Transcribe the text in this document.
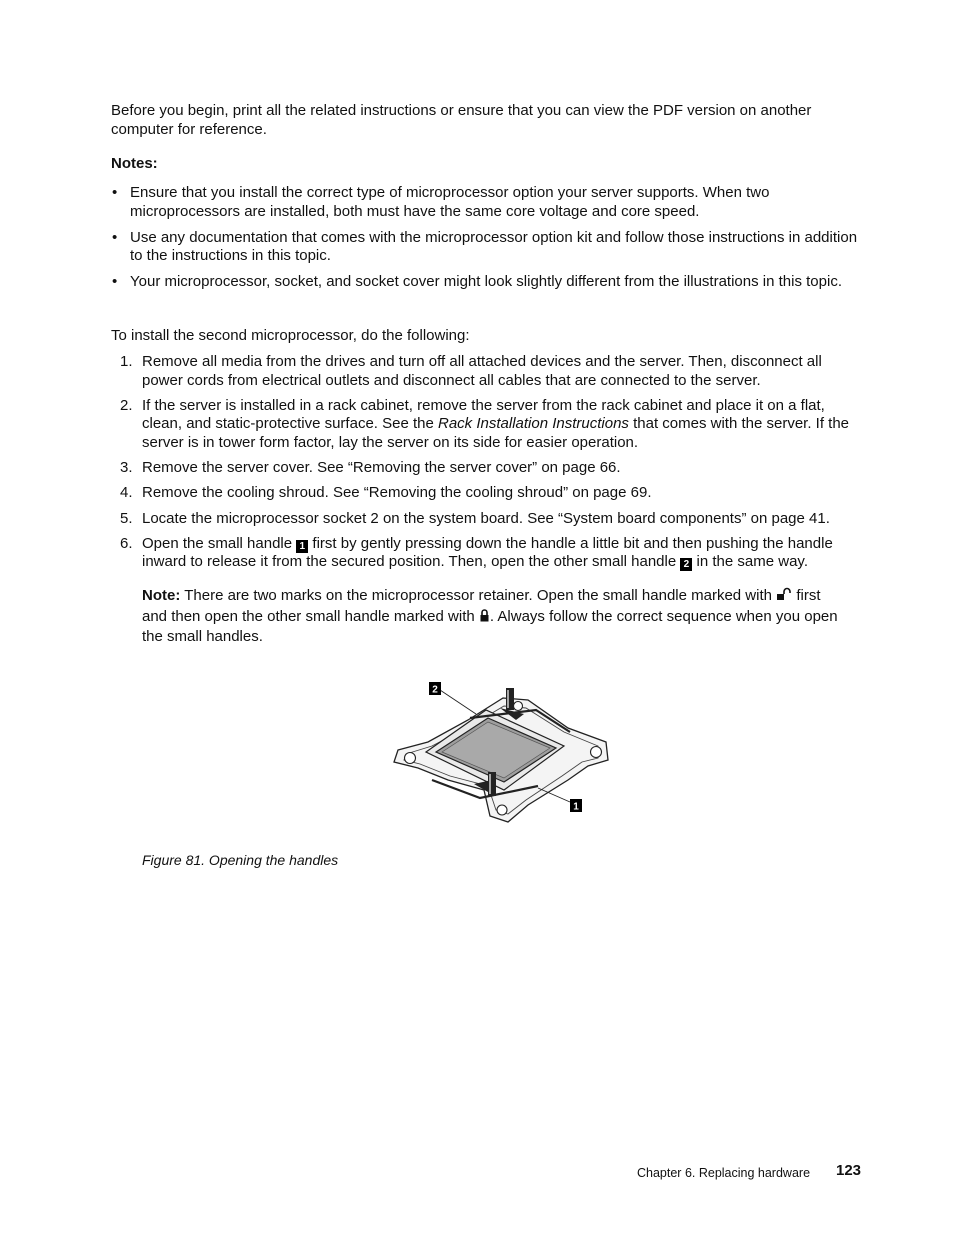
Before you begin, print all the related instructions or ensure that you can view the PDF version on another computer for reference.

Notes:

• Ensure that you install the correct type of microprocessor option your server supports. When two microprocessors are installed, both must have the same core voltage and core speed.
• Use any documentation that comes with the microprocessor option kit and follow those instructions in addition to the instructions in this topic.
• Your microprocessor, socket, and socket cover might look slightly different from the illustrations in this topic.

To install the second microprocessor, do the following:

1. Remove all media from the drives and turn off all attached devices and the server. Then, disconnect all power cords from electrical outlets and disconnect all cables that are connected to the server.
2. If the server is installed in a rack cabinet, remove the server from the rack cabinet and place it on a flat, clean, and static-protective surface. See the Rack Installation Instructions that comes with the server. If the server is in tower form factor, lay the server on its side for easier operation.
3. Remove the server cover. See “Removing the server cover” on page 66.
4. Remove the cooling shroud. See “Removing the cooling shroud” on page 69.
5. Locate the microprocessor socket 2 on the system board. See “System board components” on page 41.
6. Open the small handle 1 first by gently pressing down the handle a little bit and then pushing the handle inward to release it from the secured position. Then, open the other small handle 2 in the same way.

Note: There are two marks on the microprocessor retainer. Open the small handle marked with  first and then open the other small handle marked with . Always follow the correct sequence when you open the small handles.

2
1

Figure 81. Opening the handles

Chapter 6. Replacing hardware 123
